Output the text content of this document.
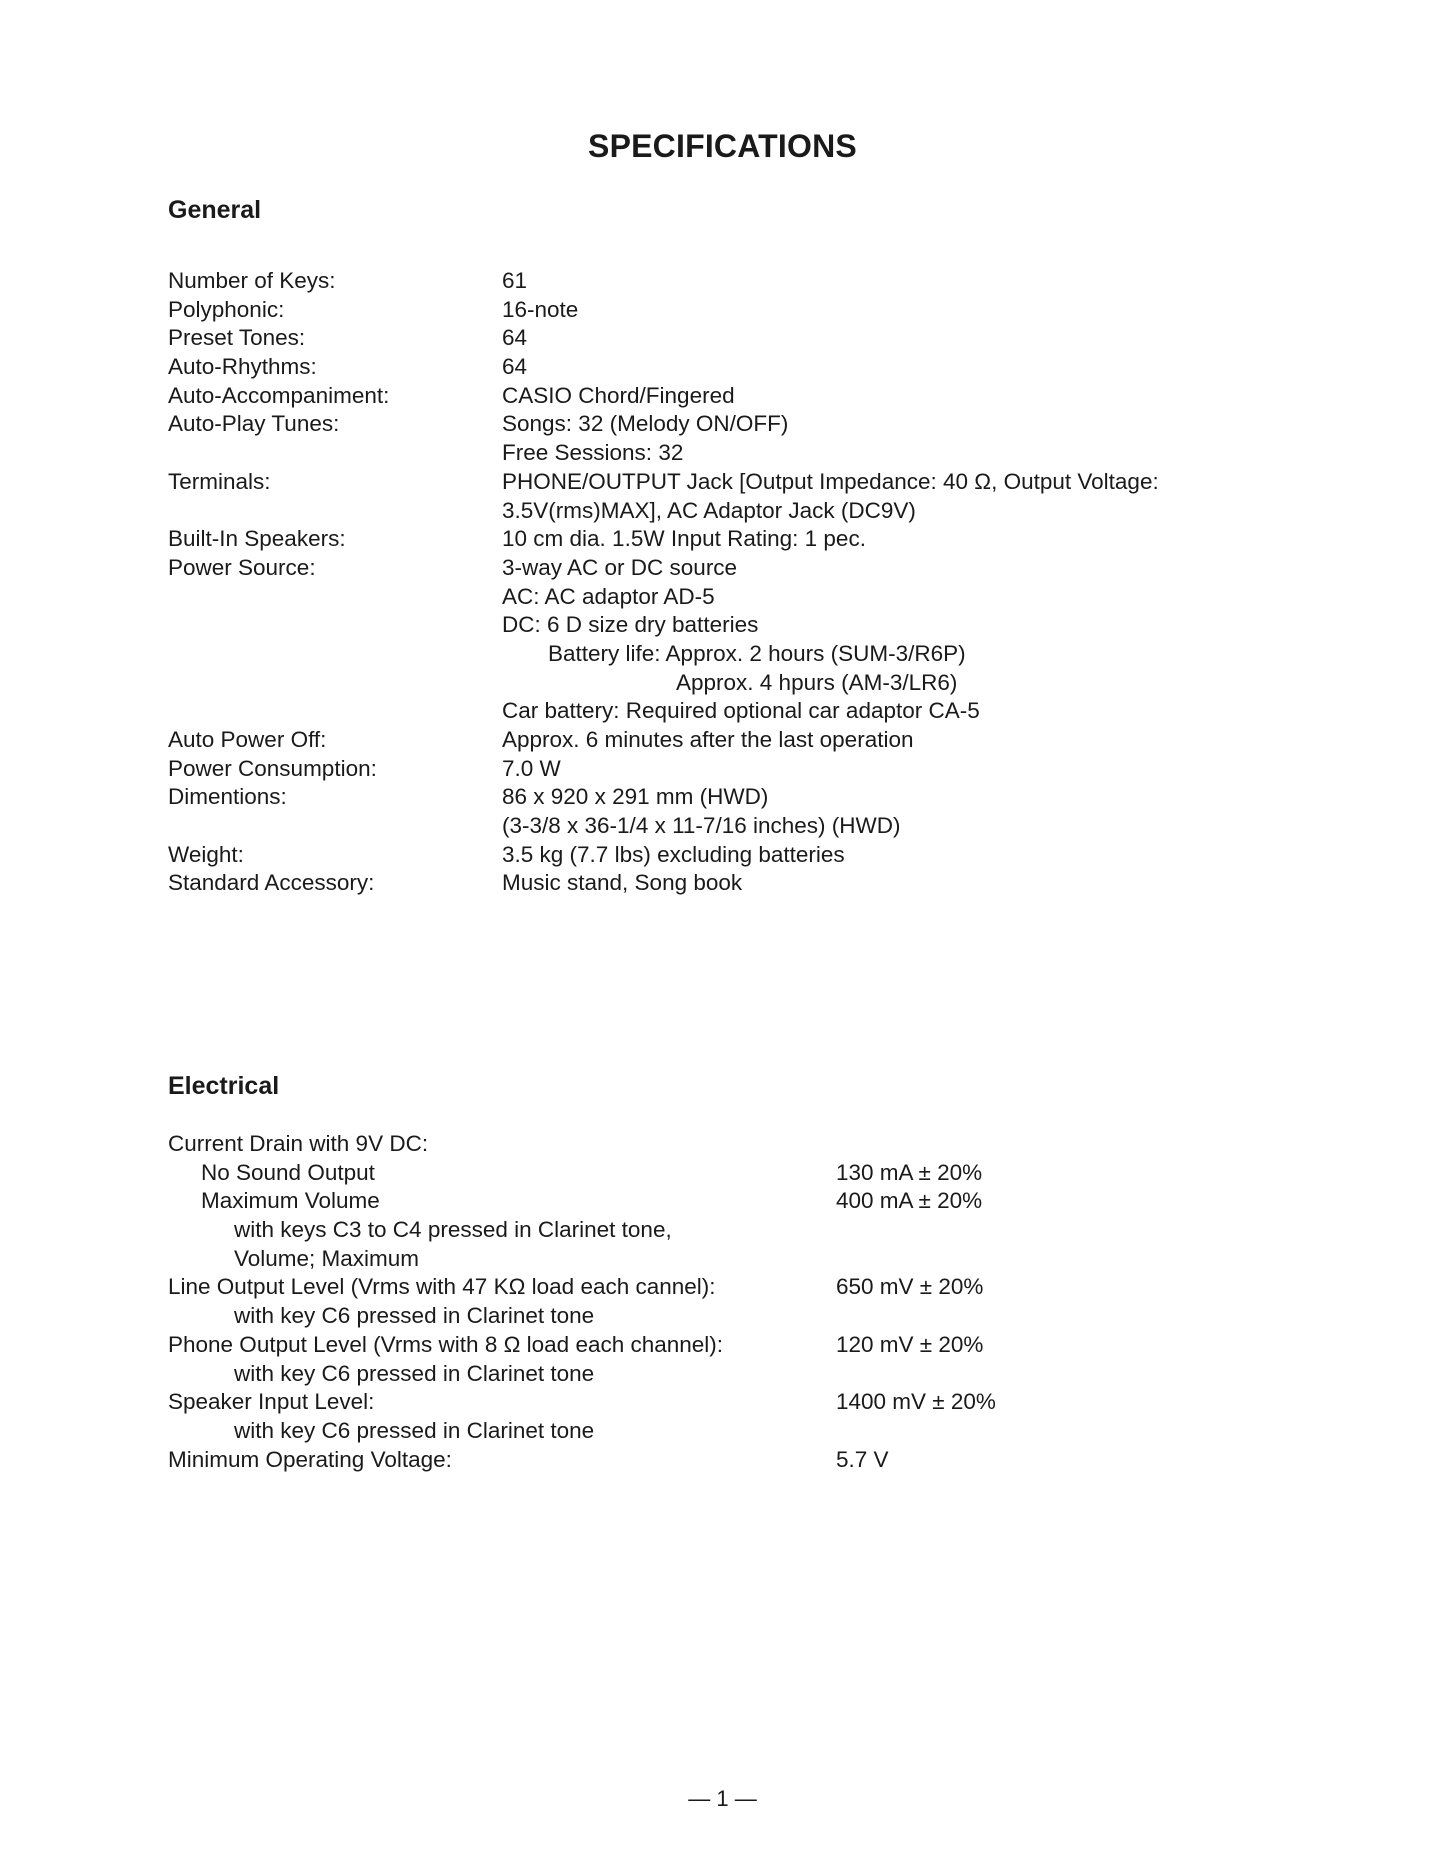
SPECIFICATIONS
General
Number of Keys:	61
Polyphonic:	16-note
Preset Tones:	64
Auto-Rhythms:	64
Auto-Accompaniment:	CASIO Chord/Fingered
Auto-Play Tunes:	Songs: 32 (Melody ON/OFF)
Free Sessions: 32
Terminals:	PHONE/OUTPUT Jack [Output Impedance: 40 Ω, Output Voltage:
3.5V(rms)MAX], AC Adaptor Jack (DC9V)
Built-In Speakers:	10 cm dia. 1.5W Input Rating: 1 pec.
Power Source:	3-way AC or DC source
AC: AC adaptor AD-5
DC: 6 D size dry batteries
Battery life: Approx. 2 hours (SUM-3/R6P)
Approx. 4 hpurs (AM-3/LR6)
Car battery: Required optional car adaptor CA-5
Auto Power Off:	Approx. 6 minutes after the last operation
Power Consumption:	7.0 W
Dimentions:	86 x 920 x 291 mm (HWD)
(3-3/8 x 36-1/4 x 11-7/16 inches) (HWD)
Weight:	3.5 kg (7.7 lbs) excluding batteries
Standard Accessory:	Music stand, Song book
Electrical
Current Drain with 9V DC:
No Sound Output	130 mA ± 20%
Maximum Volume	400 mA ± 20%
with keys C3 to C4 pressed in Clarinet tone,
Volume; Maximum
Line Output Level (Vrms with 47 KΩ load each cannel):	650 mV ± 20%
with key C6 pressed in Clarinet tone
Phone Output Level (Vrms with 8 Ω load each channel):	120 mV ± 20%
with key C6 pressed in Clarinet tone
Speaker Input Level:	1400 mV ± 20%
with key C6 pressed in Clarinet tone
Minimum Operating Voltage:	5.7 V
— 1 —
